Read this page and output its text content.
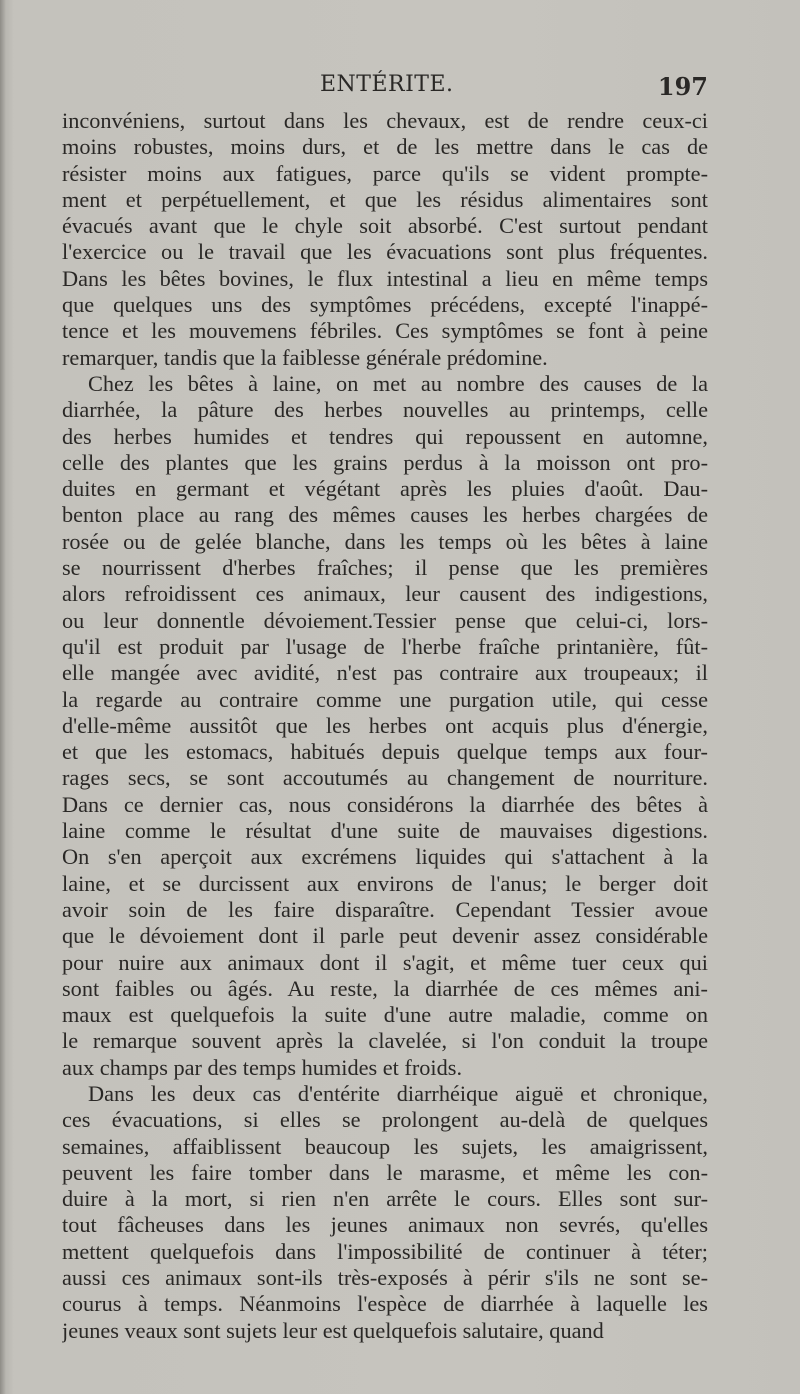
ENTÉRITE.	197
inconvéniens, surtout dans les chevaux, est de rendre ceux-ci
moins robustes, moins durs, et de les mettre dans le cas de
résister moins aux fatigues, parce qu'ils se vident prompte-
ment et perpétuellement, et que les résidus alimentaires sont
évacués avant que le chyle soit absorbé. C'est surtout pendant
l'exercice ou le travail que les évacuations sont plus fréquentes.
Dans les bêtes bovines, le flux intestinal a lieu en même temps
que quelques uns des symptômes précédens, excepté l'inappé-
tence et les mouvemens fébriles. Ces symptômes se font à peine
remarquer, tandis que la faiblesse générale prédomine.
Chez les bêtes à laine, on met au nombre des causes de la
diarrhée, la pâture des herbes nouvelles au printemps, celle
des herbes humides et tendres qui repoussent en automne,
celle des plantes que les grains perdus à la moisson ont pro-
duites en germant et végétant après les pluies d'août. Dau-
benton place au rang des mêmes causes les herbes chargées de
rosée ou de gelée blanche, dans les temps où les bêtes à laine
se nourrissent d'herbes fraîches; il pense que les premières
alors refroidissent ces animaux, leur causent des indigestions,
ou leur donnentle dévoiement.Tessier pense que celui-ci, lors-
qu'il est produit par l'usage de l'herbe fraîche printanière, fût-
elle mangée avec avidité, n'est pas contraire aux troupeaux; il
la regarde au contraire comme une purgation utile, qui cesse
d'elle-même aussitôt que les herbes ont acquis plus d'énergie,
et que les estomacs, habitués depuis quelque temps aux four-
rages secs, se sont accoutumés au changement de nourriture.
Dans ce dernier cas, nous considérons la diarrhée des bêtes à
laine comme le résultat d'une suite de mauvaises digestions.
On s'en aperçoit aux excrémens liquides qui s'attachent à la
laine, et se durcissent aux environs de l'anus; le berger doit
avoir soin de les faire disparaître. Cependant Tessier avoue
que le dévoiement dont il parle peut devenir assez considérable
pour nuire aux animaux dont il s'agit, et même tuer ceux qui
sont faibles ou âgés. Au reste, la diarrhée de ces mêmes ani-
maux est quelquefois la suite d'une autre maladie, comme on
le remarque souvent après la clavelée, si l'on conduit la troupe
aux champs par des temps humides et froids.
Dans les deux cas d'entérite diarrhéique aiguë et chronique,
ces évacuations, si elles se prolongent au-delà de quelques
semaines, affaiblissent beaucoup les sujets, les amaigrissent,
peuvent les faire tomber dans le marasme, et même les con-
duire à la mort, si rien n'en arrête le cours. Elles sont sur-
tout fâcheuses dans les jeunes animaux non sevrés, qu'elles
mettent quelquefois dans l'impossibilité de continuer à téter;
aussi ces animaux sont-ils très-exposés à périr s'ils ne sont se-
courus à temps. Néanmoins l'espèce de diarrhée à laquelle les
jeunes veaux sont sujets leur est quelquefois salutaire, quand
